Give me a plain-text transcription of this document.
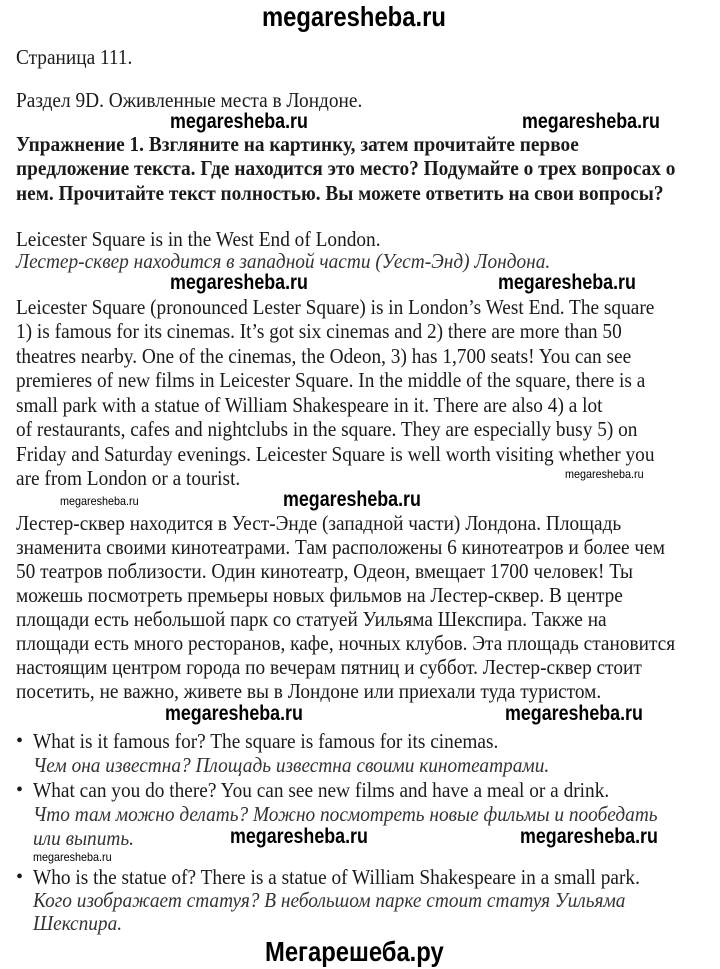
megaresheba.ru
Страница 111.
Раздел 9D. Оживленные места в Лондоне.
megaresheba.ru	megaresheba.ru
Упражнение 1. Взгляните на картинку, затем прочитайте первое
предложение текста. Где находится это место? Подумайте о трех вопросах о
нем. Прочитайте текст полностью. Вы можете ответить на свои вопросы?
Leicester Square is in the West End of London.
Лестер-сквер находится в западной части (Уест-Энд) Лондона.
megaresheba.ru	megaresheba.ru
Leicester Square (pronounced Lester Square) is in London’s West End. The square
1) is famous for its cinemas. It’s got six cinemas and 2) there are more than 50
theatres nearby. One of the cinemas, the Odeon, 3) has 1,700 seats! You can see
premieres of new films in Leicester Square. In the middle of the square, there is a
small park with a statue of William Shakespeare in it. There are also 4) a lot
of restaurants, cafes and nightclubs in the square. They are especially busy 5) on
Friday and Saturday evenings. Leicester Square is well worth visiting whether you
are from London or a tourist.	megaresheba.ru
megaresheba.ru
megaresheba.ru
Лестер-сквер находится в Уест-Энде (западной части) Лондона. Площадь
знаменита своими кинотеатрами. Там расположены 6 кинотеатров и более чем
50 театров поблизости. Один кинотеатр, Одеон, вмещает 1700 человек! Ты
можешь посмотреть премьеры новых фильмов на Лестер-сквер. В центре
площади есть небольшой парк со статуей Уильяма Шекспира. Также на
площади есть много ресторанов, кафе, ночных клубов. Эта площадь становится
настоящим центром города по вечерам пятниц и суббот. Лестер-сквер стоит
посетить, не важно, живете вы в Лондоне или приехали туда туристом.
megaresheba.ru	megaresheba.ru
• What is it famous for? The square is famous for its cinemas.
Чем она известна? Площадь известна своими кинотеатрами.
• What can you do there? You can see new films and have a meal or a drink.
Что там можно делать? Можно посмотреть новые фильмы и пообедать
или выпить.	megaresheba.ru	megaresheba.ru
megaresheba.ru
• Who is the statue of? There is a statue of William Shakespeare in a small park.
Кого изображает статуя? В небольшом парке стоит статуя Уильяма
Шекспира.
Мегарешеба.ру
